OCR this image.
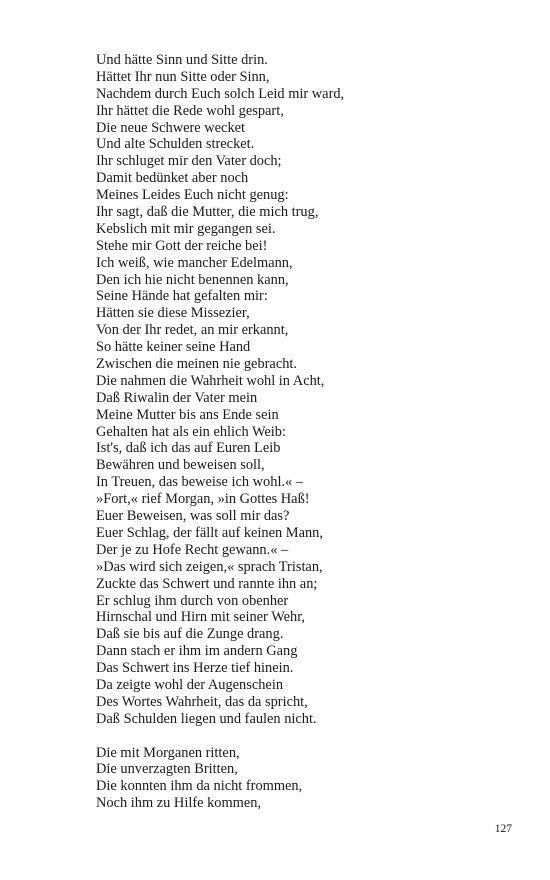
Und hätte Sinn und Sitte drin.
Hättet Ihr nun Sitte oder Sinn,
Nachdem durch Euch solch Leid mir ward,
Ihr hättet die Rede wohl gespart,
Die neue Schwere wecket
Und alte Schulden strecket.
Ihr schluget mir den Vater doch;
Damit bedünket aber noch
Meines Leides Euch nicht genug:
Ihr sagt, daß die Mutter, die mich trug,
Kebslich mit mir gegangen sei.
Stehe mir Gott der reiche bei!
Ich weiß, wie mancher Edelmann,
Den ich hie nicht benennen kann,
Seine Hände hat gefalten mir:
Hätten sie diese Missezier,
Von der Ihr redet, an mir erkannt,
So hätte keiner seine Hand
Zwischen die meinen nie gebracht.
Die nahmen die Wahrheit wohl in Acht,
Daß Riwalin der Vater mein
Meine Mutter bis ans Ende sein
Gehalten hat als ein ehlich Weib:
Ist's, daß ich das auf Euren Leib
Bewähren und beweisen soll,
In Treuen, das beweise ich wohl.« –
»Fort,« rief Morgan, »in Gottes Haß!
Euer Beweisen, was soll mir das?
Euer Schlag, der fällt auf keinen Mann,
Der je zu Hofe Recht gewann.« –
»Das wird sich zeigen,« sprach Tristan,
Zuckte das Schwert und rannte ihn an;
Er schlug ihm durch von obenher
Hirnschal und Hirn mit seiner Wehr,
Daß sie bis auf die Zunge drang.
Dann stach er ihm im andern Gang
Das Schwert ins Herze tief hinein.
Da zeigte wohl der Augenschein
Des Wortes Wahrheit, das da spricht,
Daß Schulden liegen und faulen nicht.
Die mit Morganen ritten,
Die unverzagten Britten,
Die konnten ihm da nicht frommen,
Noch ihm zu Hilfe kommen,
127
